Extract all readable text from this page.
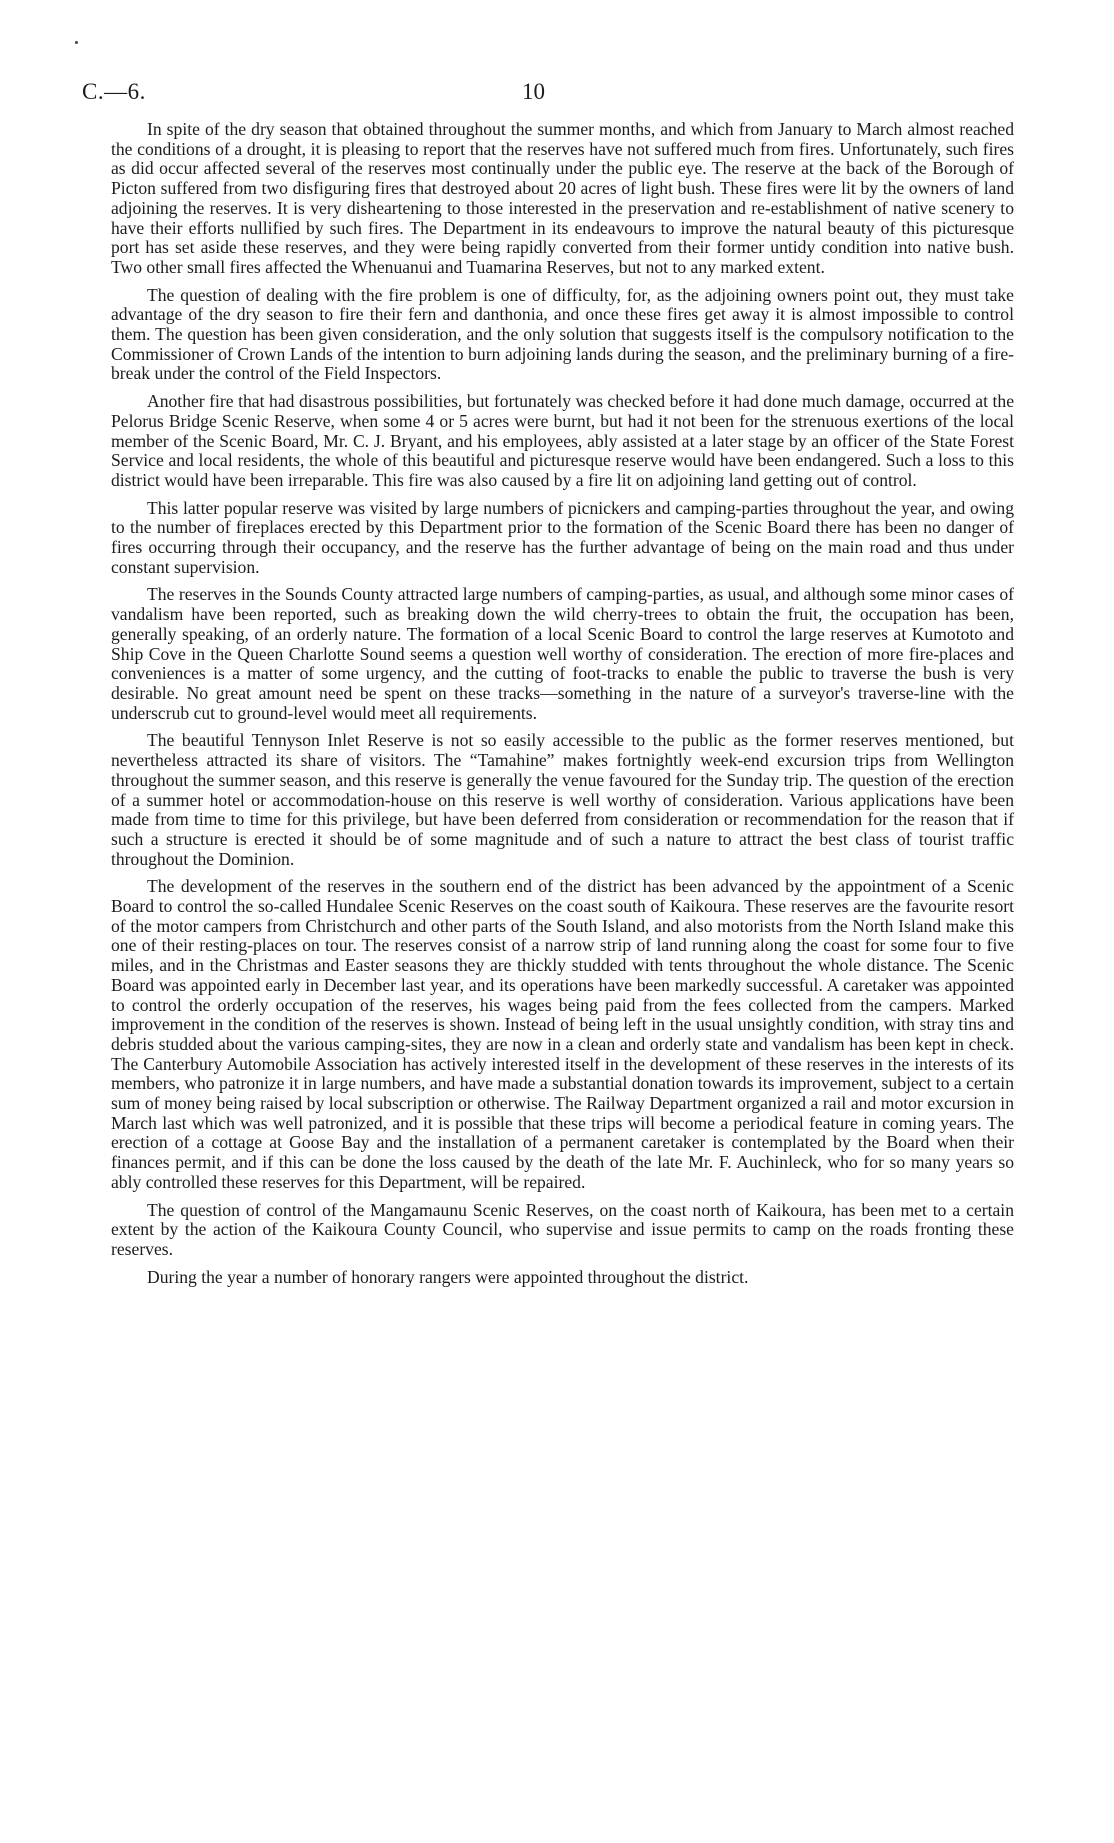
C.—6.	10

In spite of the dry season that obtained throughout the summer months, and which from January to March almost reached the conditions of a drought, it is pleasing to report that the reserves have not suffered much from fires. Unfortunately, such fires as did occur affected several of the reserves most continually under the public eye. The reserve at the back of the Borough of Picton suffered from two disfiguring fires that destroyed about 20 acres of light bush. These fires were lit by the owners of land adjoining the reserves. It is very disheartening to those interested in the preservation and re-establishment of native scenery to have their efforts nullified by such fires. The Department in its endeavours to improve the natural beauty of this picturesque port has set aside these reserves, and they were being rapidly converted from their former untidy condition into native bush. Two other small fires affected the Whenuanui and Tuamarina Reserves, but not to any marked extent.

The question of dealing with the fire problem is one of difficulty, for, as the adjoining owners point out, they must take advantage of the dry season to fire their fern and danthonia, and once these fires get away it is almost impossible to control them. The question has been given consideration, and the only solution that suggests itself is the compulsory notification to the Commissioner of Crown Lands of the intention to burn adjoining lands during the season, and the preliminary burning of a fire-break under the control of the Field Inspectors.

Another fire that had disastrous possibilities, but fortunately was checked before it had done much damage, occurred at the Pelorus Bridge Scenic Reserve, when some 4 or 5 acres were burnt, but had it not been for the strenuous exertions of the local member of the Scenic Board, Mr. C. J. Bryant, and his employees, ably assisted at a later stage by an officer of the State Forest Service and local residents, the whole of this beautiful and picturesque reserve would have been endangered. Such a loss to this district would have been irreparable. This fire was also caused by a fire lit on adjoining land getting out of control.

This latter popular reserve was visited by large numbers of picnickers and camping-parties throughout the year, and owing to the number of fireplaces erected by this Department prior to the formation of the Scenic Board there has been no danger of fires occurring through their occupancy, and the reserve has the further advantage of being on the main road and thus under constant supervision.

The reserves in the Sounds County attracted large numbers of camping-parties, as usual, and although some minor cases of vandalism have been reported, such as breaking down the wild cherry-trees to obtain the fruit, the occupation has been, generally speaking, of an orderly nature. The formation of a local Scenic Board to control the large reserves at Kumototo and Ship Cove in the Queen Charlotte Sound seems a question well worthy of consideration. The erection of more fire-places and conveniences is a matter of some urgency, and the cutting of foot-tracks to enable the public to traverse the bush is very desirable. No great amount need be spent on these tracks—something in the nature of a surveyor's traverse-line with the underscrub cut to ground-level would meet all requirements.

The beautiful Tennyson Inlet Reserve is not so easily accessible to the public as the former reserves mentioned, but nevertheless attracted its share of visitors. The “Tamahine” makes fortnightly week-end excursion trips from Wellington throughout the summer season, and this reserve is generally the venue favoured for the Sunday trip. The question of the erection of a summer hotel or accommodation-house on this reserve is well worthy of consideration. Various applications have been made from time to time for this privilege, but have been deferred from consideration or recommendation for the reason that if such a structure is erected it should be of some magnitude and of such a nature to attract the best class of tourist traffic throughout the Dominion.

The development of the reserves in the southern end of the district has been advanced by the appointment of a Scenic Board to control the so-called Hundalee Scenic Reserves on the coast south of Kaikoura. These reserves are the favourite resort of the motor campers from Christchurch and other parts of the South Island, and also motorists from the North Island make this one of their resting-places on tour. The reserves consist of a narrow strip of land running along the coast for some four to five miles, and in the Christmas and Easter seasons they are thickly studded with tents throughout the whole distance. The Scenic Board was appointed early in December last year, and its operations have been markedly successful. A caretaker was appointed to control the orderly occupation of the reserves, his wages being paid from the fees collected from the campers. Marked improvement in the condition of the reserves is shown. Instead of being left in the usual unsightly condition, with stray tins and debris studded about the various camping-sites, they are now in a clean and orderly state and vandalism has been kept in check. The Canterbury Automobile Association has actively interested itself in the development of these reserves in the interests of its members, who patronize it in large numbers, and have made a substantial donation towards its improvement, subject to a certain sum of money being raised by local subscription or otherwise. The Railway Department organized a rail and motor excursion in March last which was well patronized, and it is possible that these trips will become a periodical feature in coming years. The erection of a cottage at Goose Bay and the installation of a permanent caretaker is contemplated by the Board when their finances permit, and if this can be done the loss caused by the death of the late Mr. F. Auchinleck, who for so many years so ably controlled these reserves for this Department, will be repaired.

The question of control of the Mangamaunu Scenic Reserves, on the coast north of Kaikoura, has been met to a certain extent by the action of the Kaikoura County Council, who supervise and issue permits to camp on the roads fronting these reserves.

During the year a number of honorary rangers were appointed throughout the district.
